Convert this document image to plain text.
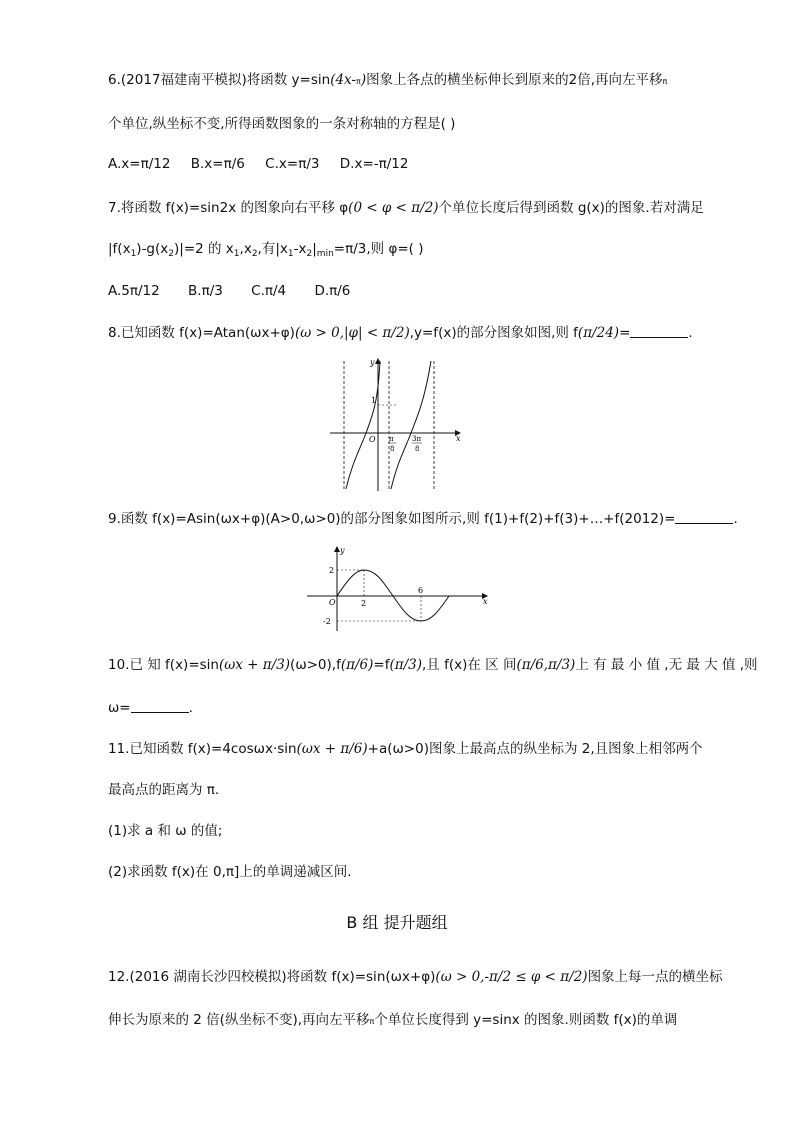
6.(2017福建南平模拟)将函数 y=sin(4x-π)图象上各点的横坐标伸长到原来的2倍,再向左平移π
个单位,纵坐标不变,所得函数图象的一条对称轴的方程是( )
A.x=π/12 B.x=π/6 C.x=π/3 D.x=-π/12
7.将函数 f(x)=sin2x 的图象向右平移 φ(0 < φ < π/2)个单位长度后得到函数 g(x)的图象.若对满足
$|f(x_1)-g(x_2)|=2$ 的 $x_1,x_2$,有$|x_1-x_2|_{min}=\pi/3$,则 φ=( )
A.5π/12 B.π/3 C.π/4 D.π/6
8.已知函数 f(x)=Atan(ωx+φ)(ω > 0,|φ| < π/2),y=f(x)的部分图象如图,则 f(π/24)=	.
y
x
O
1
π
8
3π
8
9.函数 f(x)=Asin(ωx+φ)(A>0,ω>0)的部分图象如图所示,则 f(1)+f(2)+f(3)+…+f(2012)=	.
y
x
O
2
-2
2
6
10.已 知 f(x)=sin(ωx + π/3)(ω>0),f(π/6)=f(π/3),且 f(x)在 区 间(π/6,π/3)上 有 最 小 值 ,无 最 大 值 ,则
ω=	.
11.已知函数 f(x)=4cosωx·sin(ωx + π/6)+a(ω>0)图象上最高点的纵坐标为 2,且图象上相邻两个
最高点的距离为 π.
(1)求 a 和 ω 的值;
(2)求函数 f(x)在 0,π]上的单调递减区间.
B 组 提升题组
12.(2016 湖南长沙四校模拟)将函数 f(x)=sin(ωx+φ)(ω > 0,-π/2 ≤ φ < π/2)图象上每一点的横坐标
伸长为原来的 2 倍(纵坐标不变),再向左平移π个单位长度得到 y=sinx 的图象.则函数 f(x)的单调
